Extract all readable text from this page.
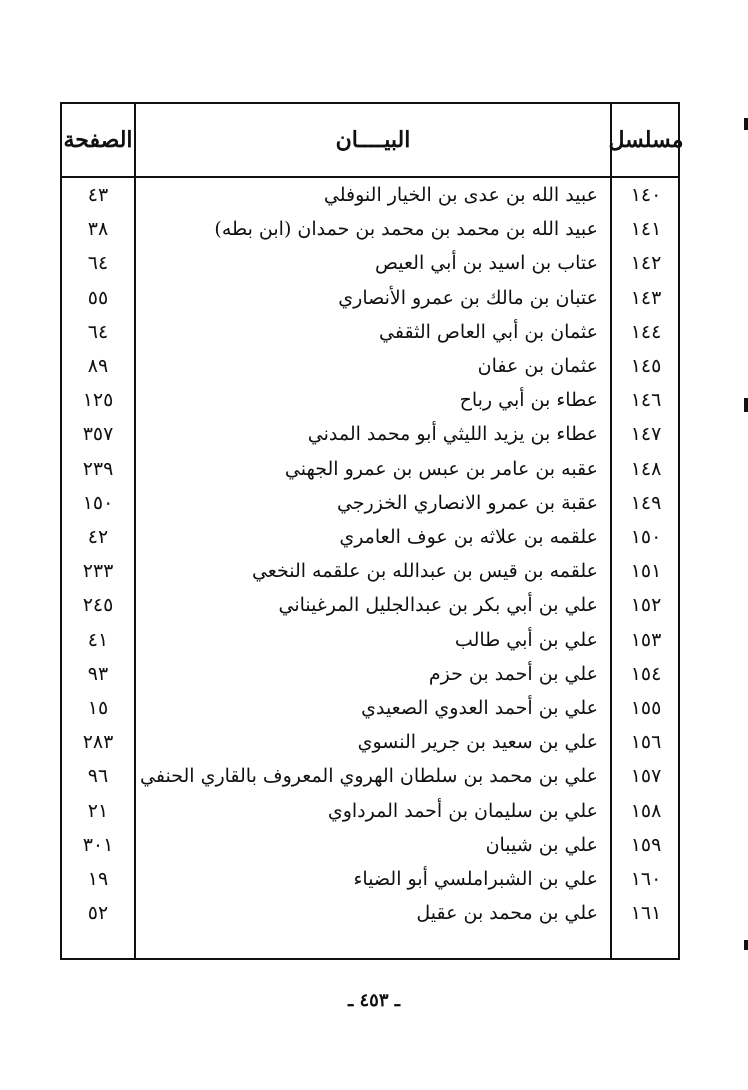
مسلسل
البيــــان
الصفحة
١٤٠
عبيد الله بن عدى بن الخيار النوفلي
٤٣
١٤١
عبيد الله بن محمد بن محمد بن حمدان (ابن بطه)
٣٨
١٤٢
عتاب بن اسيد بن أبي العيص
٦٤
١٤٣
عتبان بن مالك بن عمرو الأنصاري
٥٥
١٤٤
عثمان بن أبي العاص الثقفي
٦٤
١٤٥
عثمان بن عفان
٨٩
١٤٦
عطاء بن أبي رباح
١٢٥
١٤٧
عطاء بن يزيد الليثي أبو محمد المدني
٣٥٧
١٤٨
عقبه بن عامر بن عبس بن عمرو الجهني
٢٣٩
١٤٩
عقبة بن عمرو الانصاري الخزرجي
١٥٠
١٥٠
علقمه بن علاثه بن عوف العامري
٤٢
١٥١
علقمه بن قيس بن عبدالله بن علقمه النخعي
٢٣٣
١٥٢
علي بن أبي بكر بن عبدالجليل المرغيناني
٢٤٥
١٥٣
علي بن أبي طالب
٤١
١٥٤
علي بن أحمد بن حزم
٩٣
١٥٥
علي بن أحمد العدوي الصعيدي
١٥
١٥٦
علي بن سعيد بن جرير النسوي
٢٨٣
١٥٧
علي بن محمد بن سلطان الهروي المعروف بالقاري الحنفي
٩٦
١٥٨
علي بن سليمان بن أحمد المرداوي
٢١
١٥٩
علي بن شيبان
٣٠١
١٦٠
علي بن الشبراملسي أبو الضياء
١٩
١٦١
علي بن محمد بن عقيل
٥٢
ـ ٤٥٣ ـ
